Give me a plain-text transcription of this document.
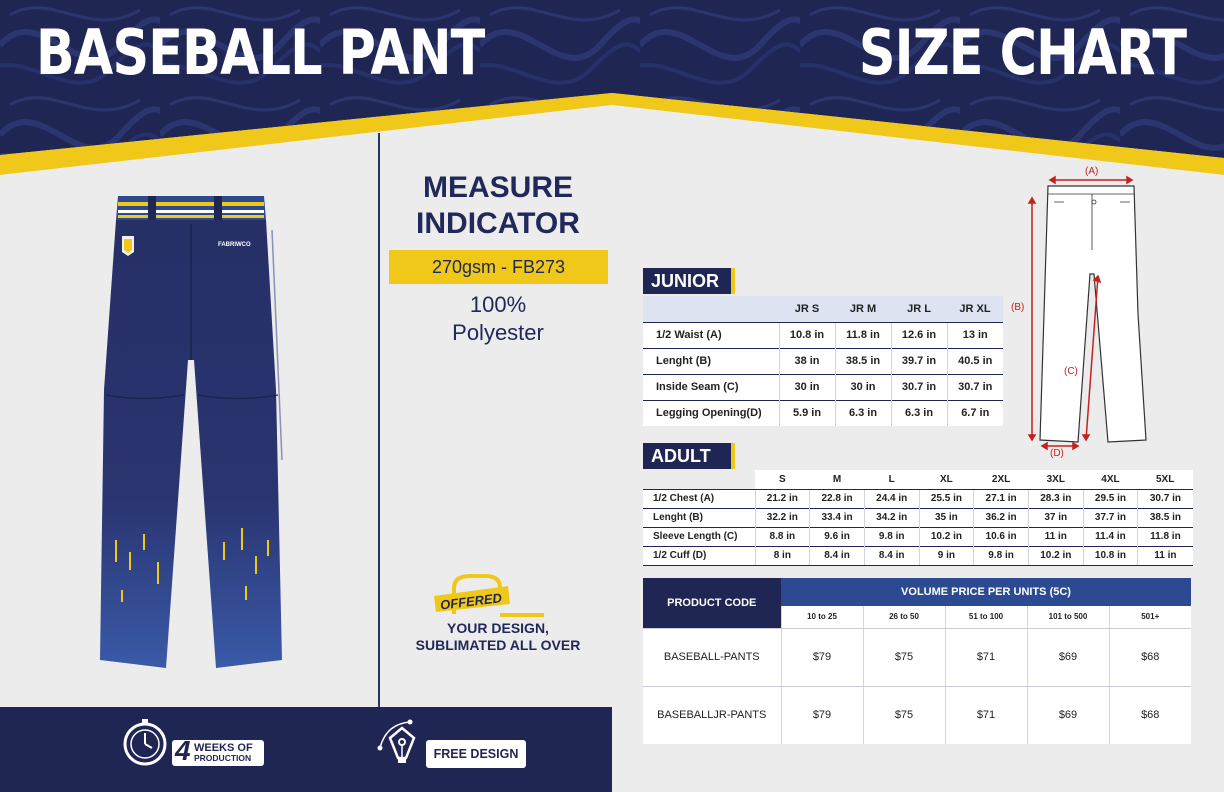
BASEBALL PANT	SIZE CHART
FABRIWCO
MEASURE
INDICATOR
270gsm - FB273
100%
Polyester
OFFERED
YOUR DESIGN,
SUBLIMATED ALL OVER
4 WEEKS OF
PRODUCTION	FREE DESIGN
JUNIOR
	JR S	JR M	JR L	JR XL
1/2 Waist (A)	10.8 in	11.8 in	12.6 in	13 in
Lenght (B)	38 in	38.5 in	39.7 in	40.5 in
Inside Seam (C)	30 in	30 in	30.7 in	30.7 in
Legging Opening(D)	5.9 in	6.3 in	6.3 in	6.7 in
(A)
(B)
(C)
(D)
ADULT
	S	M	L	XL	2XL	3XL	4XL	5XL
1/2 Chest (A)	21.2 in	22.8 in	24.4 in	25.5 in	27.1 in	28.3 in	29.5 in	30.7 in
Lenght (B)	32.2 in	33.4 in	34.2 in	35 in	36.2 in	37 in	37.7 in	38.5 in
Sleeve Length (C)	8.8 in	9.6 in	9.8 in	10.2 in	10.6 in	11 in	11.4 in	11.8 in
1/2 Cuff (D)	8 in	8.4 in	8.4 in	9 in	9.8 in	10.2 in	10.8 in	11 in
PRODUCT CODE	VOLUME PRICE PER UNITS (5C)				
	10 to 25	26 to 50	51 to 100	101 to 500	501+
BASEBALL-PANTS	$79	$75	$71	$69	$68
BASEBALLJR-PANTS	$79	$75	$71	$69	$68
